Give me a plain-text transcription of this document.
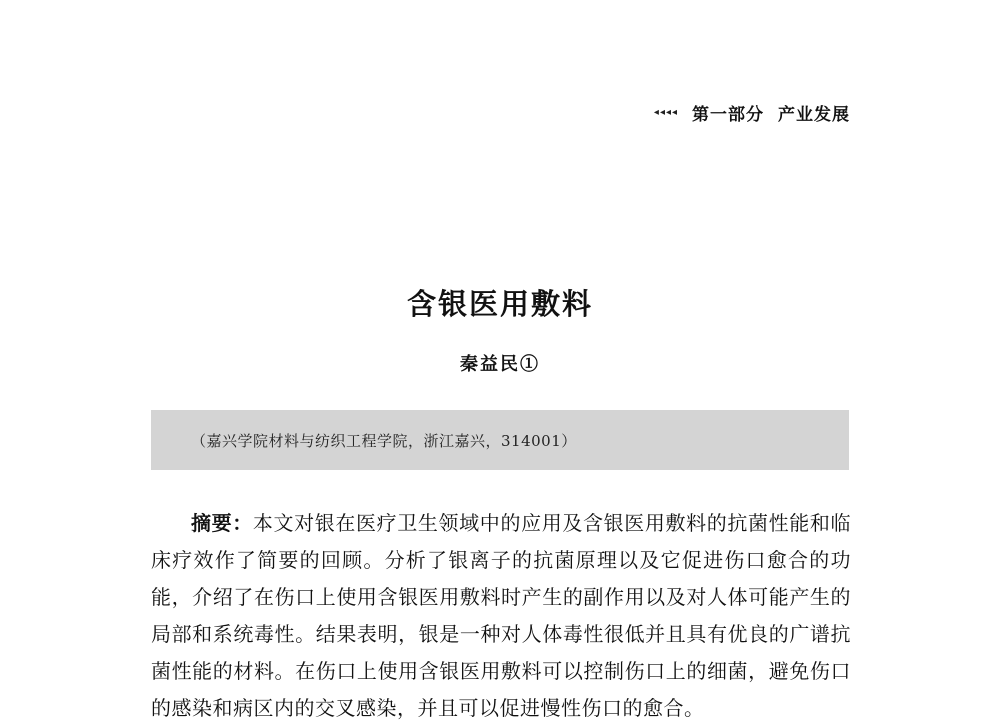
◂◂◂◂ 第一部分 产业发展
含银医用敷料
秦益民①
（嘉兴学院材料与纺织工程学院，浙江嘉兴，314001）

摘要：本文对银在医疗卫生领域中的应用及含银医用敷料的抗菌性能和临床疗效作了简要的回顾。分析了银离子的抗菌原理以及它促进伤口愈合的功能，介绍了在伤口上使用含银医用敷料时产生的副作用以及对人体可能产生的局部和系统毒性。结果表明，银是一种对人体毒性很低并且具有优良的广谱抗菌性能的材料。在伤口上使用含银医用敷料可以控制伤口上的细菌，避免伤口的感染和病区内的交叉感染，并且可以促进慢性伤口的愈合。
